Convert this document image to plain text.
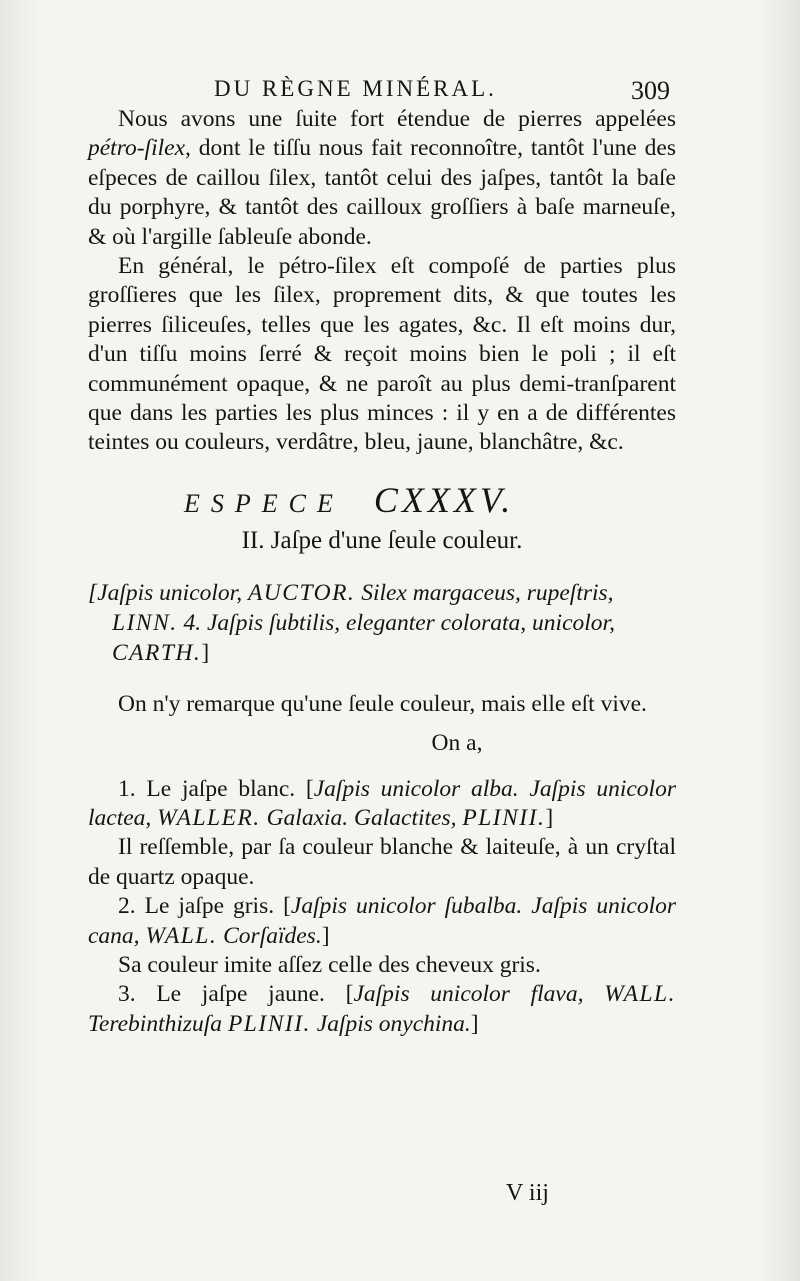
DU RÈGNE MINÉRAL.	309

Nous avons une ſuite fort étendue de pierres appelées pétro-ſilex, dont le tiſſu nous fait reconnoître, tantôt l'une des eſpeces de caillou ſilex, tantôt celui des jaſpes, tantôt la baſe du porphyre, & tantôt des cailloux groſſiers à baſe marneuſe, & où l'argille ſableuſe abonde.

En général, le pétro-ſilex eſt compoſé de parties plus groſſieres que les ſilex, proprement dits, & que toutes les pierres ſiliceuſes, telles que les agates, &c. Il eſt moins dur, d'un tiſſu moins ſerré & reçoit moins bien le poli ; il eſt communément opaque, & ne paroît au plus demi-tranſparent que dans les parties les plus minces : il y en a de différentes teintes ou couleurs, verdâtre, bleu, jaune, blanchâtre, &c.

ESPECE CXXXV.
II. Jaſpe d'une ſeule couleur.

[Jaſpis unicolor, AUCTOR. Silex margaceus, rupeſtris, LINN. 4. Jaſpis ſubtilis, eleganter colorata, unicolor, CARTH.]

On n'y remarque qu'une ſeule couleur, mais elle eſt vive.

On a,

1. Le jaſpe blanc. [Jaſpis unicolor alba. Jaſpis unicolor lactea, WALLER. Galaxia. Galactites, PLINII.]

Il reſſemble, par ſa couleur blanche & laiteuſe, à un cryſtal de quartz opaque.

2. Le jaſpe gris. [Jaſpis unicolor ſubalba. Jaſpis unicolor cana, WALL. Corſaïdes.]

Sa couleur imite aſſez celle des cheveux gris.

3. Le jaſpe jaune. [Jaſpis unicolor flava, WALL. Terebinthizuſa PLINII. Jaſpis onychina.]

V iij
